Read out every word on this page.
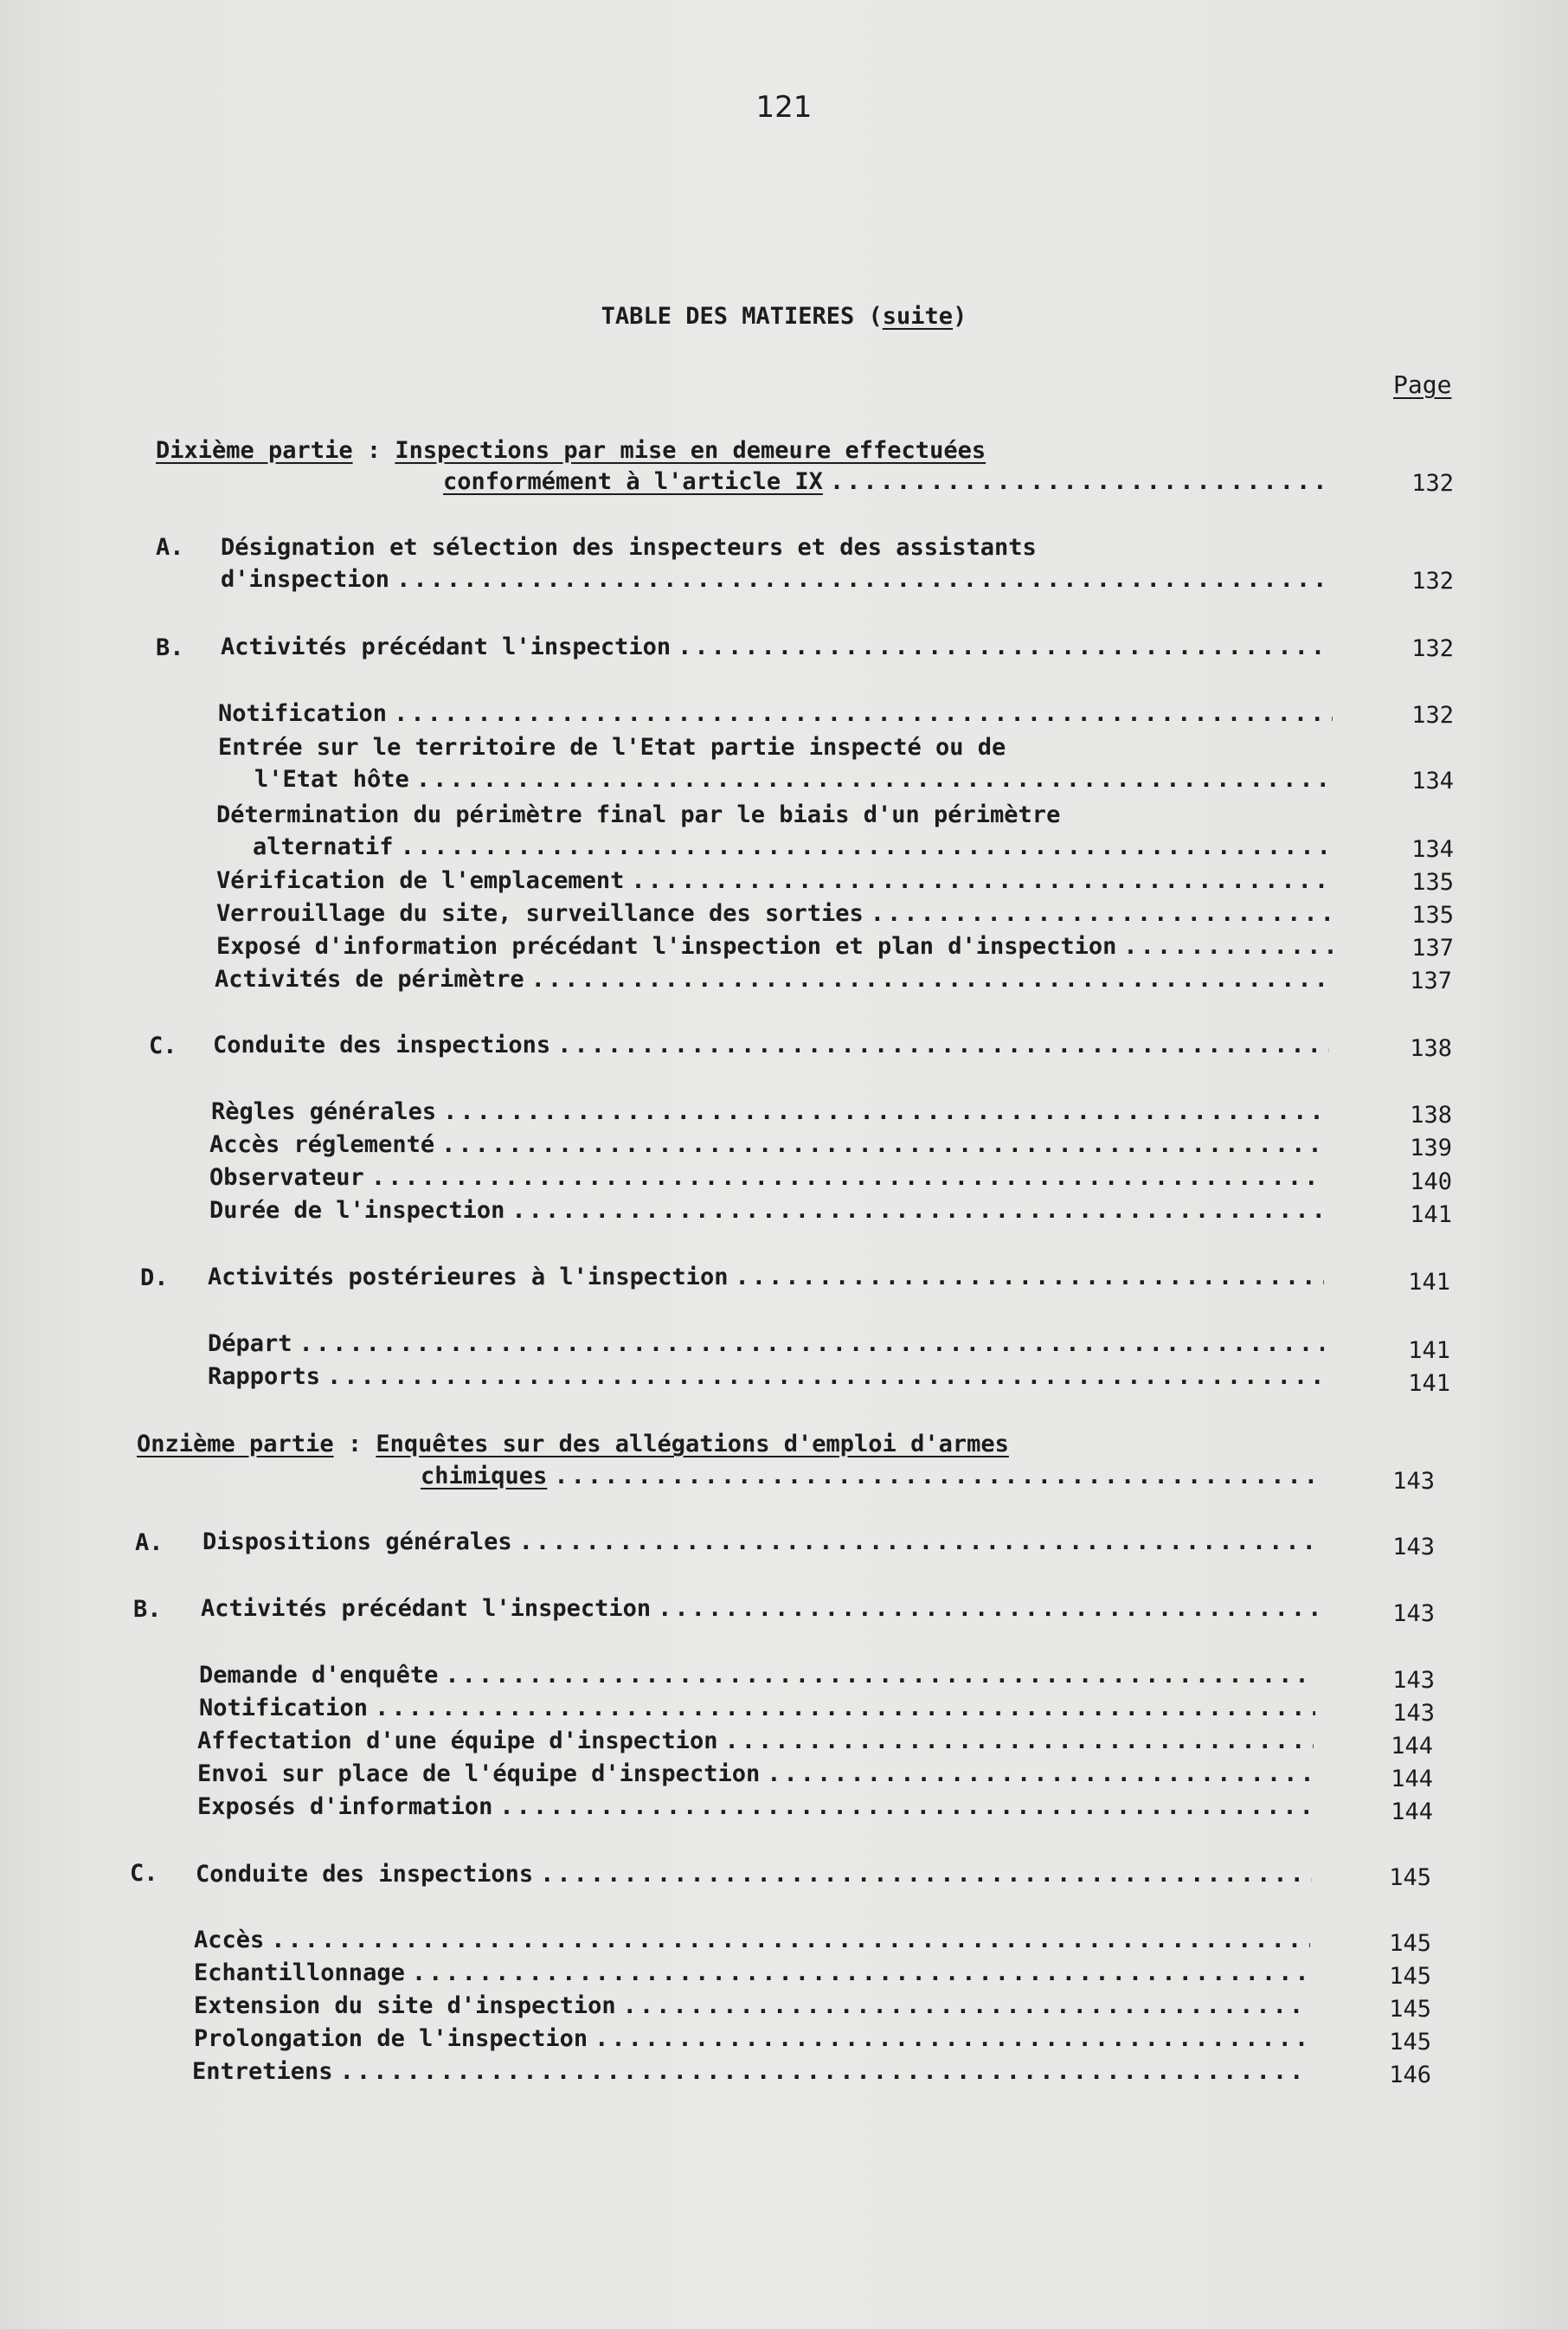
121
TABLE DES MATIERES (suite)
Page
Dixième partie : Inspections par mise en demeure effectuées
conformément à l'article IX .....	132
A. Désignation et sélection des inspecteurs et des assistants
d'inspection .....	132
B. Activités précédant l'inspection .....	132
Notification .....	132
Entrée sur le territoire de l'Etat partie inspecté ou de
l'Etat hôte .....	134
Détermination du périmètre final par le biais d'un périmètre
alternatif .....	134
Vérification de l'emplacement .....	135
Verrouillage du site, surveillance des sorties .....	135
Exposé d'information précédant l'inspection et plan d'inspection .....	137
Activités de périmètre .....	137
C. Conduite des inspections .....	138
Règles générales .....	138
Accès réglementé .....	139
Observateur .....	140
Durée de l'inspection .....	141
D. Activités postérieures à l'inspection .....	141
Départ .....	141
Rapports .....	141
Onzième partie : Enquêtes sur des allégations d'emploi d'armes
chimiques .....	143
A. Dispositions générales .....	143
B. Activités précédant l'inspection .....	143
Demande d'enquête .....	143
Notification .....	143
Affectation d'une équipe d'inspection .....	144
Envoi sur place de l'équipe d'inspection .....	144
Exposés d'information .....	144
C. Conduite des inspections .....	145
Accès .....	145
Echantillonnage .....	145
Extension du site d'inspection .....	145
Prolongation de l'inspection .....	145
Entretiens .....	146
